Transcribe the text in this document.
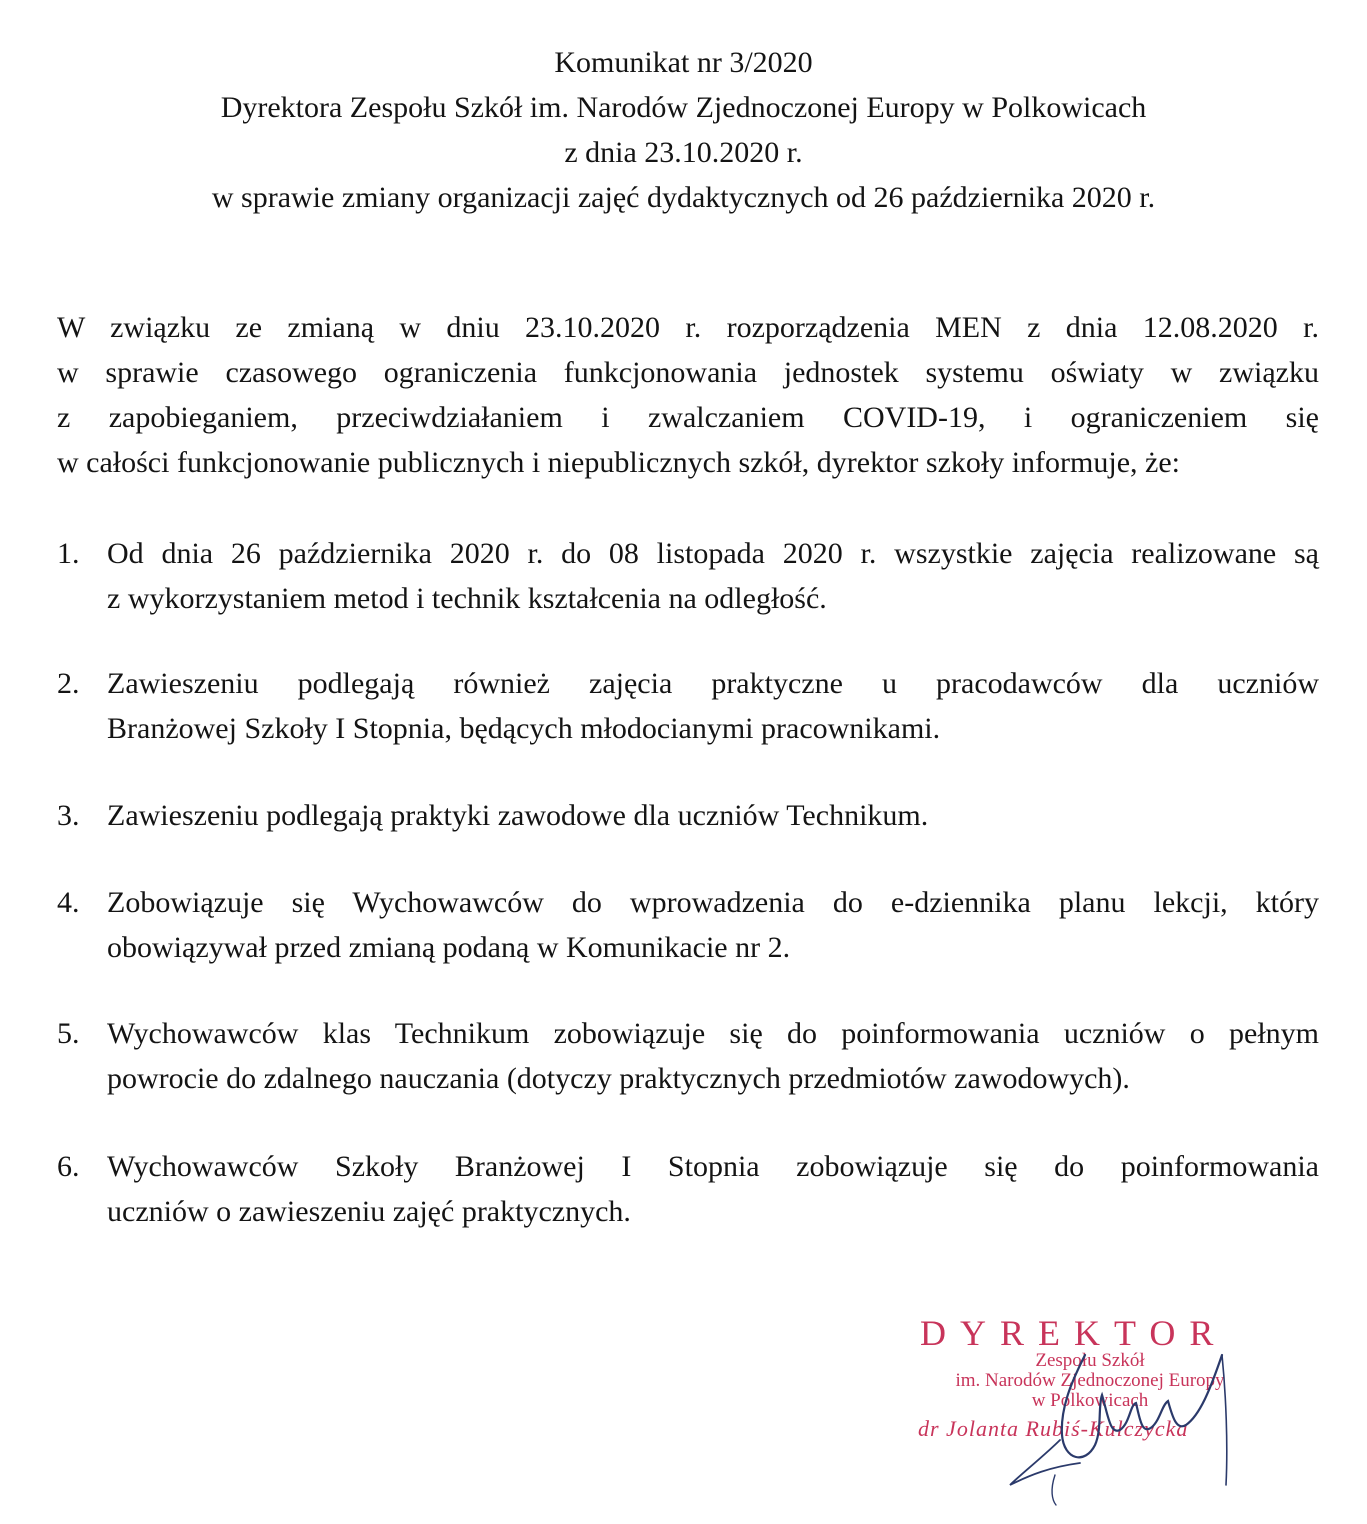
Komunikat nr 3/2020
Dyrektora Zespołu Szkół im. Narodów Zjednoczonej Europy w Polkowicach
z dnia 23.10.2020 r.
w sprawie zmiany organizacji zajęć dydaktycznych od 26 października 2020 r.
W związku ze zmianą w dniu 23.10.2020 r. rozporządzenia MEN z dnia 12.08.2020 r.
w sprawie czasowego ograniczenia funkcjonowania jednostek systemu oświaty w związku
z zapobieganiem, przeciwdziałaniem i zwalczaniem COVID-19, i ograniczeniem się
w całości funkcjonowanie publicznych i niepublicznych szkół, dyrektor szkoły informuje, że:
1. Od dnia 26 października 2020 r. do 08 listopada 2020 r. wszystkie zajęcia realizowane są
z wykorzystaniem metod i technik kształcenia na odległość.
2. Zawieszeniu podlegają również zajęcia praktyczne u pracodawców dla uczniów
Branżowej Szkoły I Stopnia, będących młodocianymi pracownikami.
3. Zawieszeniu podlegają praktyki zawodowe dla uczniów Technikum.
4. Zobowiązuje się Wychowawców do wprowadzenia do e-dziennika planu lekcji, który
obowiązywał przed zmianą podaną w Komunikacie nr 2.
5. Wychowawców klas Technikum zobowiązuje się do poinformowania uczniów o pełnym
powrocie do zdalnego nauczania (dotyczy praktycznych przedmiotów zawodowych).
6. Wychowawców Szkoły Branżowej I Stopnia zobowiązuje się do poinformowania
uczniów o zawieszeniu zajęć praktycznych.
DYREKTOR
Zespołu Szkół
im. Narodów Zjednoczonej Europy
w Polkowicach
dr Jolanta Rubiś-Kulczycka
